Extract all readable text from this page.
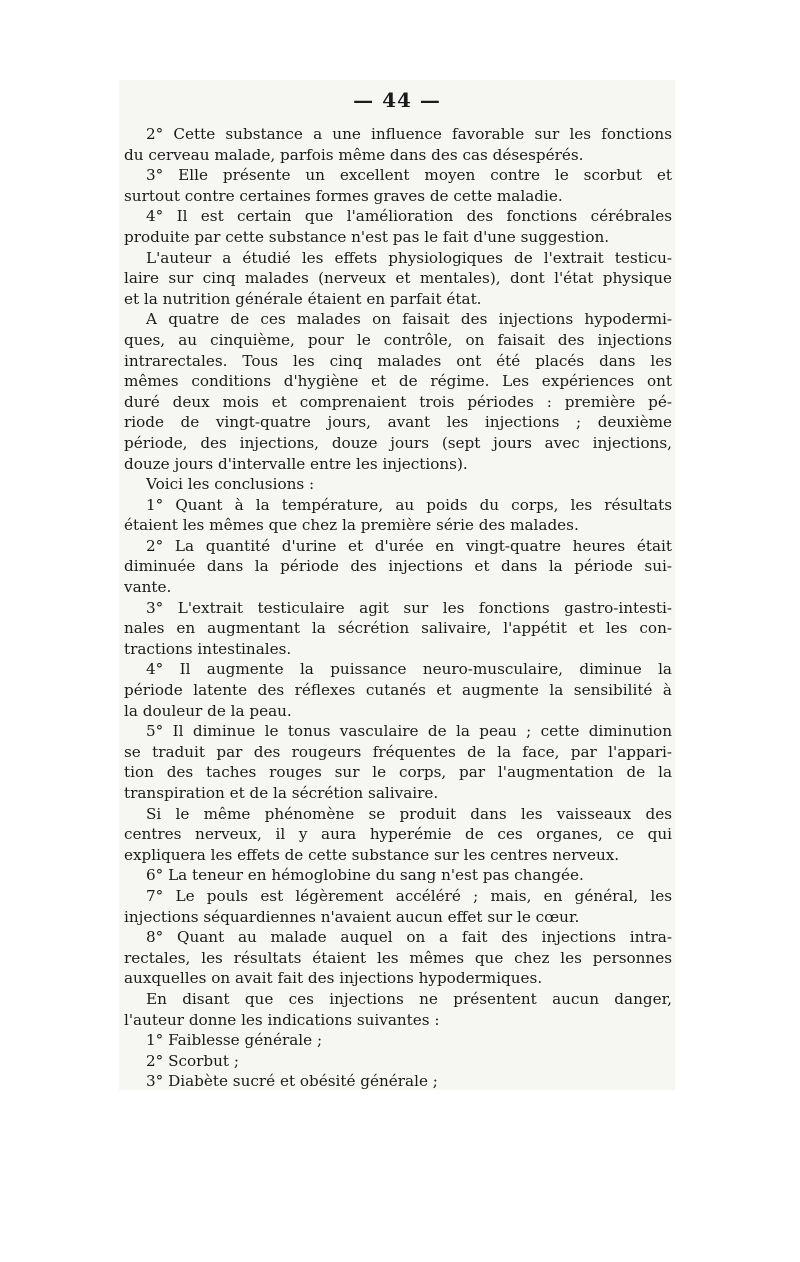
— 44 —
2° Cette substance a une influence favorable sur les fonctions
du cerveau malade, parfois même dans des cas désespérés.
3° Elle présente un excellent moyen contre le scorbut et
surtout contre certaines formes graves de cette maladie.
4° Il est certain que l'amélioration des fonctions cérébrales
produite par cette substance n'est pas le fait d'une suggestion.
L'auteur a étudié les effets physiologiques de l'extrait testicu-
laire sur cinq malades (nerveux et mentales), dont l'état physique
et la nutrition générale étaient en parfait état.
A quatre de ces malades on faisait des injections hypodermi-
ques, au cinquième, pour le contrôle, on faisait des injections
intrarectales. Tous les cinq malades ont été placés dans les
mêmes conditions d'hygiène et de régime. Les expériences ont
duré deux mois et comprenaient trois périodes : première pé-
riode de vingt-quatre jours, avant les injections ; deuxième
période, des injections, douze jours (sept jours avec injections,
douze jours d'intervalle entre les injections).
Voici les conclusions :
1° Quant à la température, au poids du corps, les résultats
étaient les mêmes que chez la première série des malades.
2° La quantité d'urine et d'urée en vingt-quatre heures était
diminuée dans la période des injections et dans la période sui-
vante.
3° L'extrait testiculaire agit sur les fonctions gastro-intesti-
nales en augmentant la sécrétion salivaire, l'appétit et les con-
tractions intestinales.
4° Il augmente la puissance neuro-musculaire, diminue la
période latente des réflexes cutanés et augmente la sensibilité à
la douleur de la peau.
5° Il diminue le tonus vasculaire de la peau ; cette diminution
se traduit par des rougeurs fréquentes de la face, par l'appari-
tion des taches rouges sur le corps, par l'augmentation de la
transpiration et de la sécrétion salivaire.
Si le même phénomène se produit dans les vaisseaux des
centres nerveux, il y aura hyperémie de ces organes, ce qui
expliquera les effets de cette substance sur les centres nerveux.
6° La teneur en hémoglobine du sang n'est pas changée.
7° Le pouls est légèrement accéléré ; mais, en général, les
injections séquardiennes n'avaient aucun effet sur le cœur.
8° Quant au malade auquel on a fait des injections intra-
rectales, les résultats étaient les mêmes que chez les personnes
auxquelles on avait fait des injections hypodermiques.
En disant que ces injections ne présentent aucun danger,
l'auteur donne les indications suivantes :
1° Faiblesse générale ;
2° Scorbut ;
3° Diabète sucré et obésité générale ;
